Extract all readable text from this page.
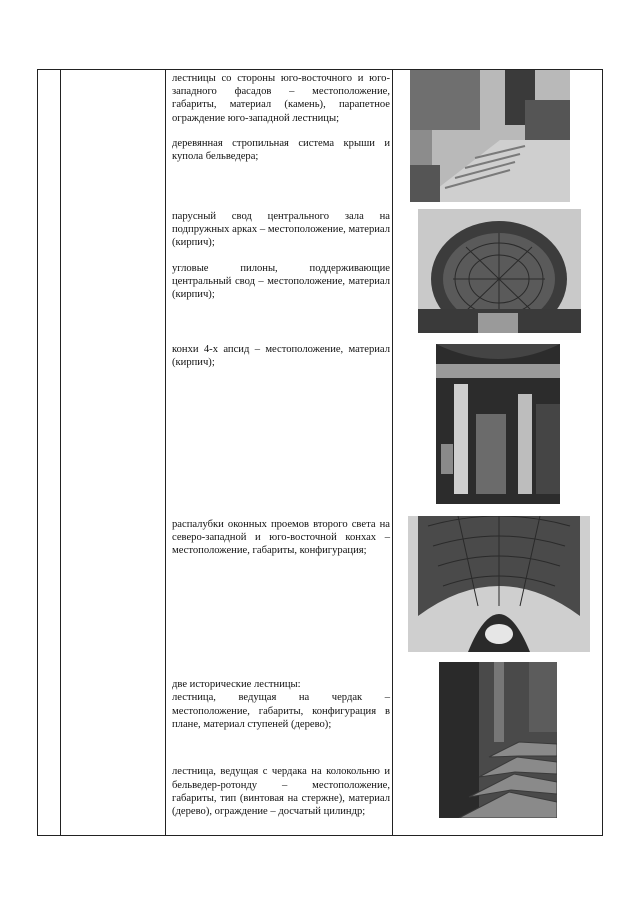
лестницы со стороны юго-восточного и юго-западного фасадов – местоположение, габариты, материал (камень), парапетное ограждение юго-западной лестницы;

деревянная стропильная система крыши и купола бельведера;

парусный свод центрального зала на подпружных арках – местоположение, материал (кирпич);

угловые пилоны, поддерживающие центральный свод – местоположение, материал (кирпич);

конхи 4-х апсид – местоположение, материал (кирпич);

распалубки оконных проемов второго света на северо-западной и юго-восточной конхах – местоположение, габариты, конфигурация;

две исторические лестницы:
лестница, ведущая на чердак – местоположение, габариты, конфигурация в плане, материал ступеней (дерево);

лестница, ведущая с чердака на колокольню и бельведер-ротонду – местоположение, габариты, тип (винтовая на стержне), материал (дерево), ограждение – досчатый цилиндр;
